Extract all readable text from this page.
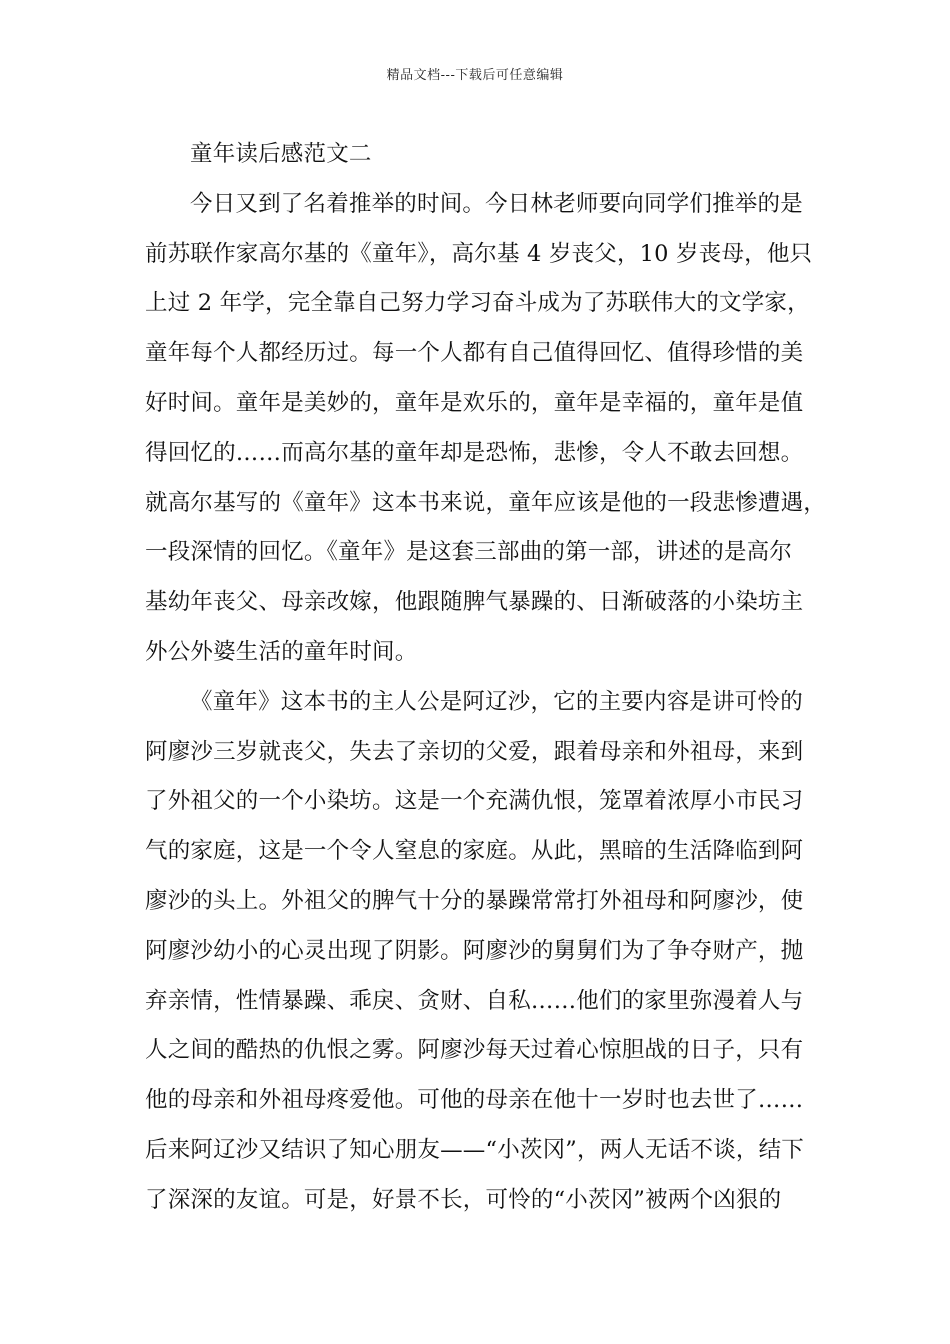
精品文档---下载后可任意编辑
童年读后感范文二
今日又到了名着推举的时间。今日林老师要向同学们推举的是
前苏联作家高尔基的《童年》，高尔基 4 岁丧父，10 岁丧母，他只
上过 2 年学，完全靠自己努力学习奋斗成为了苏联伟大的文学家，
童年每个人都经历过。每一个人都有自己值得回忆、值得珍惜的美
好时间。童年是美妙的，童年是欢乐的，童年是幸福的，童年是值
得回忆的……而高尔基的童年却是恐怖，悲惨，令人不敢去回想。
就高尔基写的《童年》这本书来说，童年应该是他的一段悲惨遭遇，
一段深情的回忆。《童年》是这套三部曲的第一部，讲述的是高尔
基幼年丧父、母亲改嫁，他跟随脾气暴躁的、日渐破落的小染坊主
外公外婆生活的童年时间。
《童年》这本书的主人公是阿辽沙，它的主要内容是讲可怜的
阿廖沙三岁就丧父，失去了亲切的父爱，跟着母亲和外祖母，来到
了外祖父的一个小染坊。这是一个充满仇恨，笼罩着浓厚小市民习
气的家庭，这是一个令人窒息的家庭。从此，黑暗的生活降临到阿
廖沙的头上。外祖父的脾气十分的暴躁常常打外祖母和阿廖沙，使
阿廖沙幼小的心灵出现了阴影。阿廖沙的舅舅们为了争夺财产，抛
弃亲情，性情暴躁、乖戾、贪财、自私……他们的家里弥漫着人与
人之间的酷热的仇恨之雾。阿廖沙每天过着心惊胆战的日子，只有
他的母亲和外祖母疼爱他。可他的母亲在他十一岁时也去世了……
后来阿辽沙又结识了知心朋友——“小茨冈”，两人无话不谈，结下
了深深的友谊。可是，好景不长，可怜的“小茨冈”被两个凶狠的
